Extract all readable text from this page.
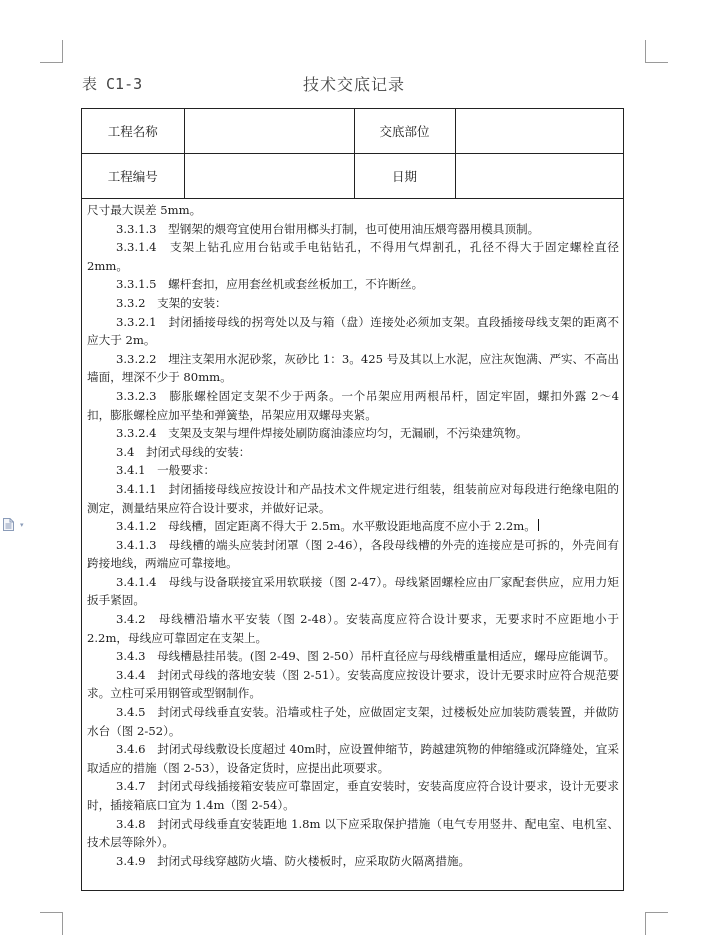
表 C1-3	技术交底记录
工程名称		交底部位	
工程编号		日期	

尺寸最大误差 5mm。

3.3.1.3　型钢架的煨弯宜使用台钳用榔头打制，也可使用油压煨弯器用模具顶制。

3.3.1.4　支架上钻孔应用台钻或手电钻钻孔，不得用气焊割孔，孔径不得大于固定螺栓直径 2mm。

3.3.1.5　螺杆套扣，应用套丝机或套丝板加工，不许断丝。

3.3.2　支架的安装：

3.3.2.1　封闭插接母线的拐弯处以及与箱（盘）连接处必须加支架。直段插接母线支架的距离不应大于 2m。

3.3.2.2　埋注支架用水泥砂浆，灰砂比 1：3。425 号及其以上水泥，应注灰饱满、严实、不高出墙面，埋深不少于 80mm。

3.3.2.3　膨胀螺栓固定支架不少于两条。一个吊架应用两根吊杆，固定牢固，螺扣外露 2～4 扣，膨胀螺栓应加平垫和弹簧垫，吊架应用双螺母夹紧。

3.3.2.4　支架及支架与埋件焊接处刷防腐油漆应均匀，无漏刷，不污染建筑物。

3.4　封闭式母线的安装：

3.4.1　一般要求：

3.4.1.1　封闭插接母线应按设计和产品技术文件规定进行组装，组装前应对每段进行绝缘电阻的测定，测量结果应符合设计要求，并做好记录。

3.4.1.2　母线槽，固定距离不得大于 2.5m。水平敷设距地高度不应小于 2.2m。

3.4.1.3　母线槽的端头应装封闭罩（图 2-46），各段母线槽的外壳的连接应是可拆的，外壳间有跨接地线，两端应可靠接地。

3.4.1.4　母线与设备联接宜采用软联接（图 2-47）。母线紧固螺栓应由厂家配套供应，应用力矩扳手紧固。

3.4.2　母线槽沿墙水平安装（图 2-48）。安装高度应符合设计要求，无要求时不应距地小于 2.2m，母线应可靠固定在支架上。

3.4.3　母线槽悬挂吊装。(图 2-49、图 2-50）吊杆直径应与母线槽重量相适应，螺母应能调节。

3.4.4　封闭式母线的落地安装（图 2-51）。安装高度应按设计要求，设计无要求时应符合规范要求。立柱可采用钢管或型钢制作。

3.4.5　封闭式母线垂直安装。沿墙或柱子处，应做固定支架，过楼板处应加装防震装置，并做防水台（图 2-52）。

3.4.6　封闭式母线敷设长度超过 40m时，应设置伸缩节，跨越建筑物的伸缩缝或沉降缝处，宜采取适应的措施（图 2-53），设备定货时，应提出此项要求。

3.4.7　封闭式母线插接箱安装应可靠固定，垂直安装时，安装高度应符合设计要求，设计无要求时，插接箱底口宜为 1.4m（图 2-54）。

3.4.8　封闭式母线垂直安装距地 1.8m 以下应采取保护措施（电气专用竖井、配电室、电机室、技术层等除外）。

3.4.9　封闭式母线穿越防火墙、防火楼板时，应采取防火隔离措施。

▾
